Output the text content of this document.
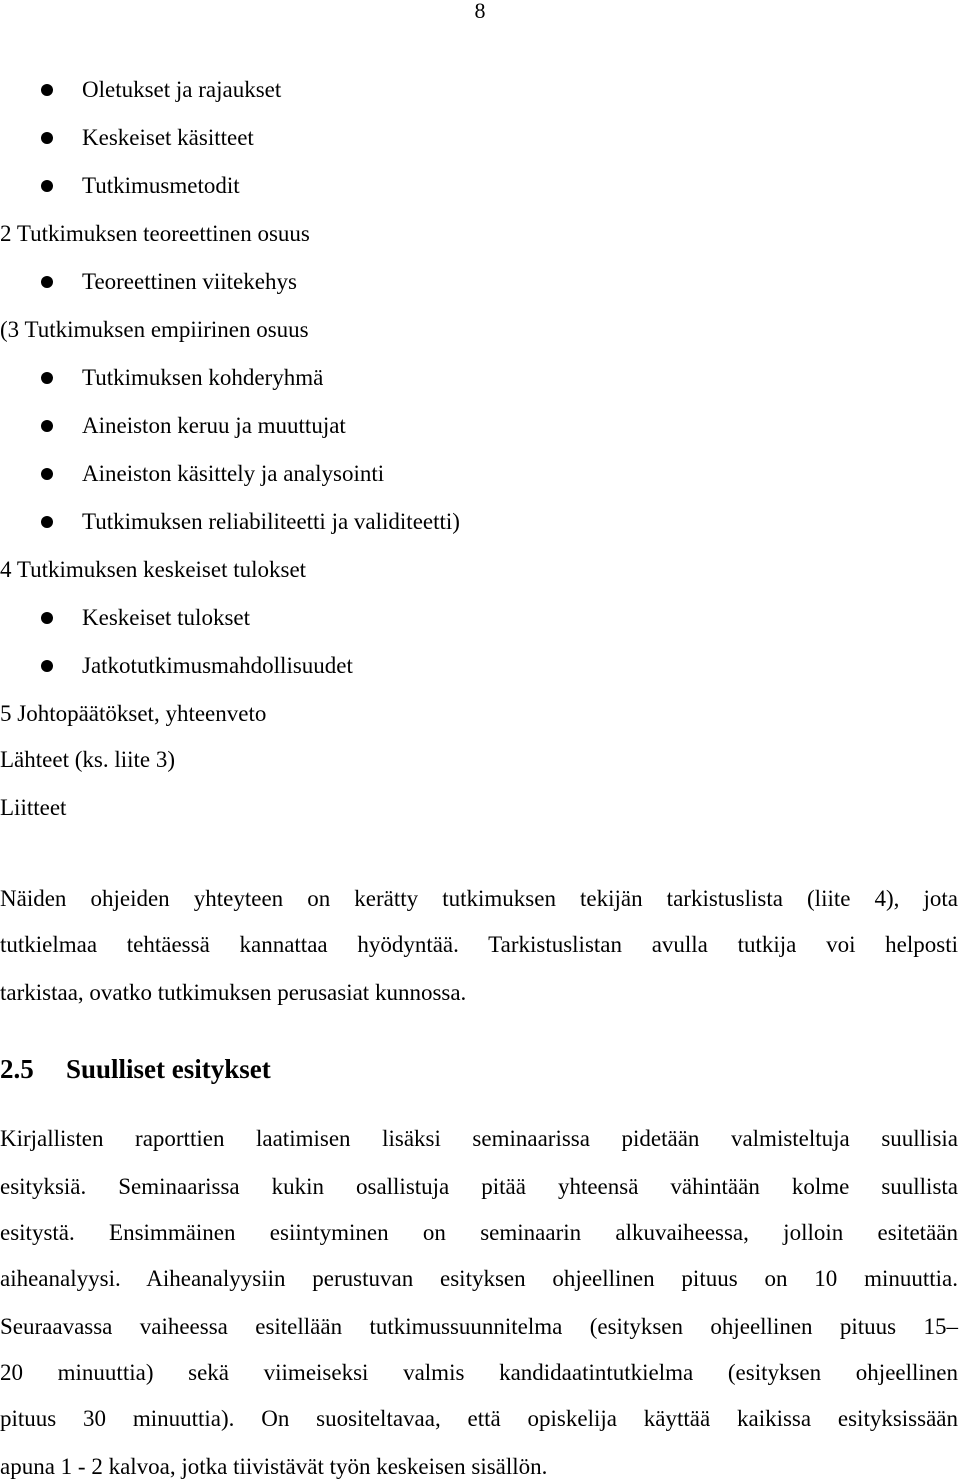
8
Oletukset ja rajaukset
Keskeiset käsitteet
Tutkimusmetodit
2 Tutkimuksen teoreettinen osuus
Teoreettinen viitekehys
(3 Tutkimuksen empiirinen osuus
Tutkimuksen kohderyhmä
Aineiston keruu ja muuttujat
Aineiston käsittely ja analysointi
Tutkimuksen reliabiliteetti ja validiteetti)
4 Tutkimuksen keskeiset tulokset
Keskeiset tulokset
Jatkotutkimusmahdollisuudet
5 Johtopäätökset, yhteenveto
Lähteet (ks. liite 3)
Liitteet
Näiden ohjeiden yhteyteen on kerätty tutkimuksen tekijän tarkistuslista (liite 4), jota
tutkielmaa tehtäessä kannattaa hyödyntää. Tarkistuslistan avulla tutkija voi helposti
tarkistaa, ovatko tutkimuksen perusasiat kunnossa.
2.5 Suulliset esitykset
Kirjallisten raporttien laatimisen lisäksi seminaarissa pidetään valmisteltuja suullisia
esityksiä. Seminaarissa kukin osallistuja pitää yhteensä vähintään kolme suullista
esitystä. Ensimmäinen esiintyminen on seminaarin alkuvaiheessa, jolloin esitetään
aiheanalyysi. Aiheanalyysiin perustuvan esityksen ohjeellinen pituus on 10 minuuttia.
Seuraavassa vaiheessa esitellään tutkimussuunnitelma (esityksen ohjeellinen pituus 15–
20 minuuttia) sekä viimeiseksi valmis kandidaatintutkielma (esityksen ohjeellinen
pituus 30 minuuttia). On suositeltavaa, että opiskelija käyttää kaikissa esityksissään
apuna 1 - 2 kalvoa, jotka tiivistävät työn keskeisen sisällön.
